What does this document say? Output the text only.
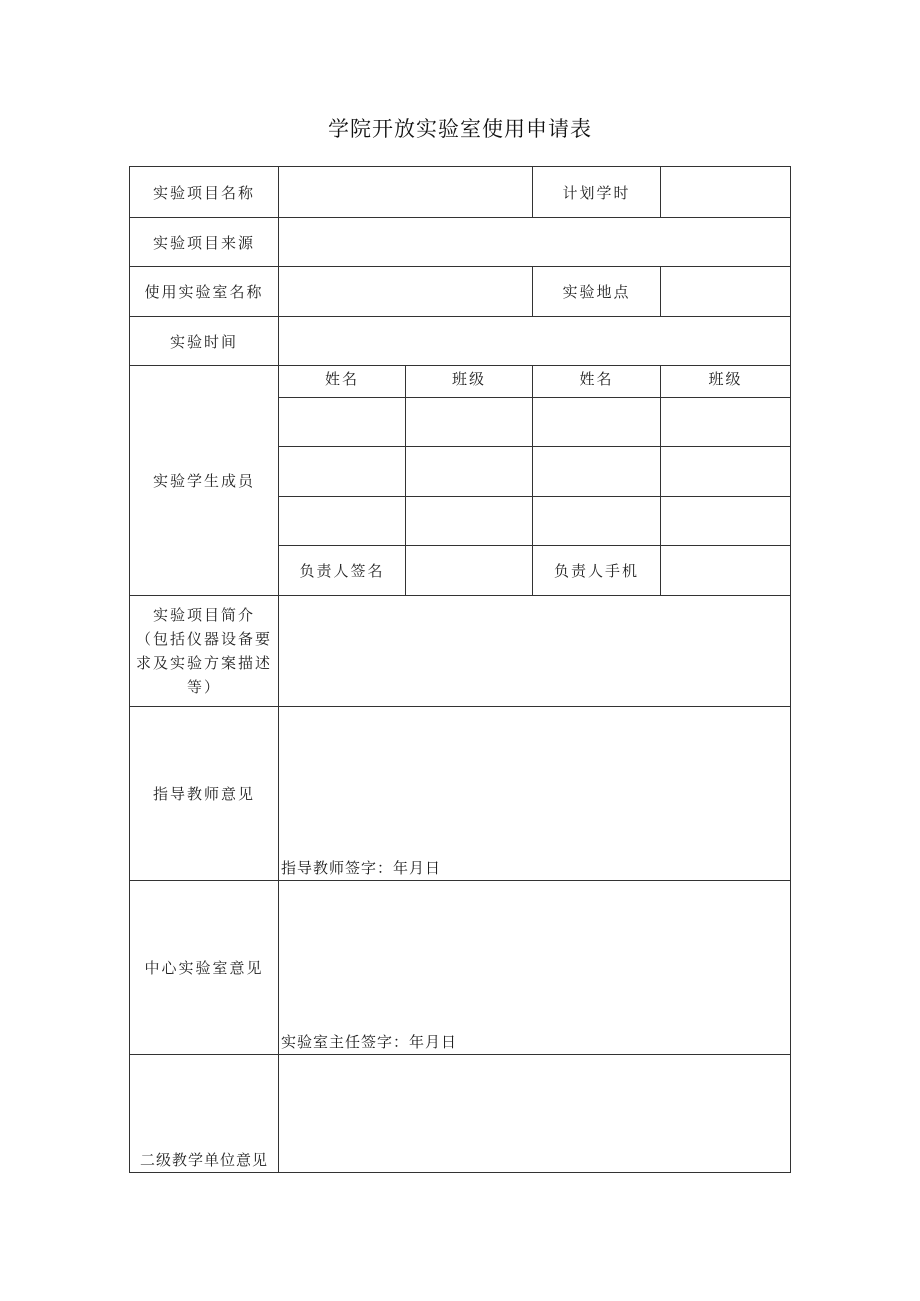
学院开放实验室使用申请表
实验项目名称			计划学时	
实验项目来源				
使用实验室名称			实验地点	
实验时间				
实验学生成员	姓名	班级	姓名	班级

	负责人签名		负责人手机	

实验项目简介
（包括仪器设备要求及实验方案描述等）				

指导教师意见	指导教师签字：年月日			

中心实验室意见	实验室主任签字：年月日			

二级教学单位意见				
